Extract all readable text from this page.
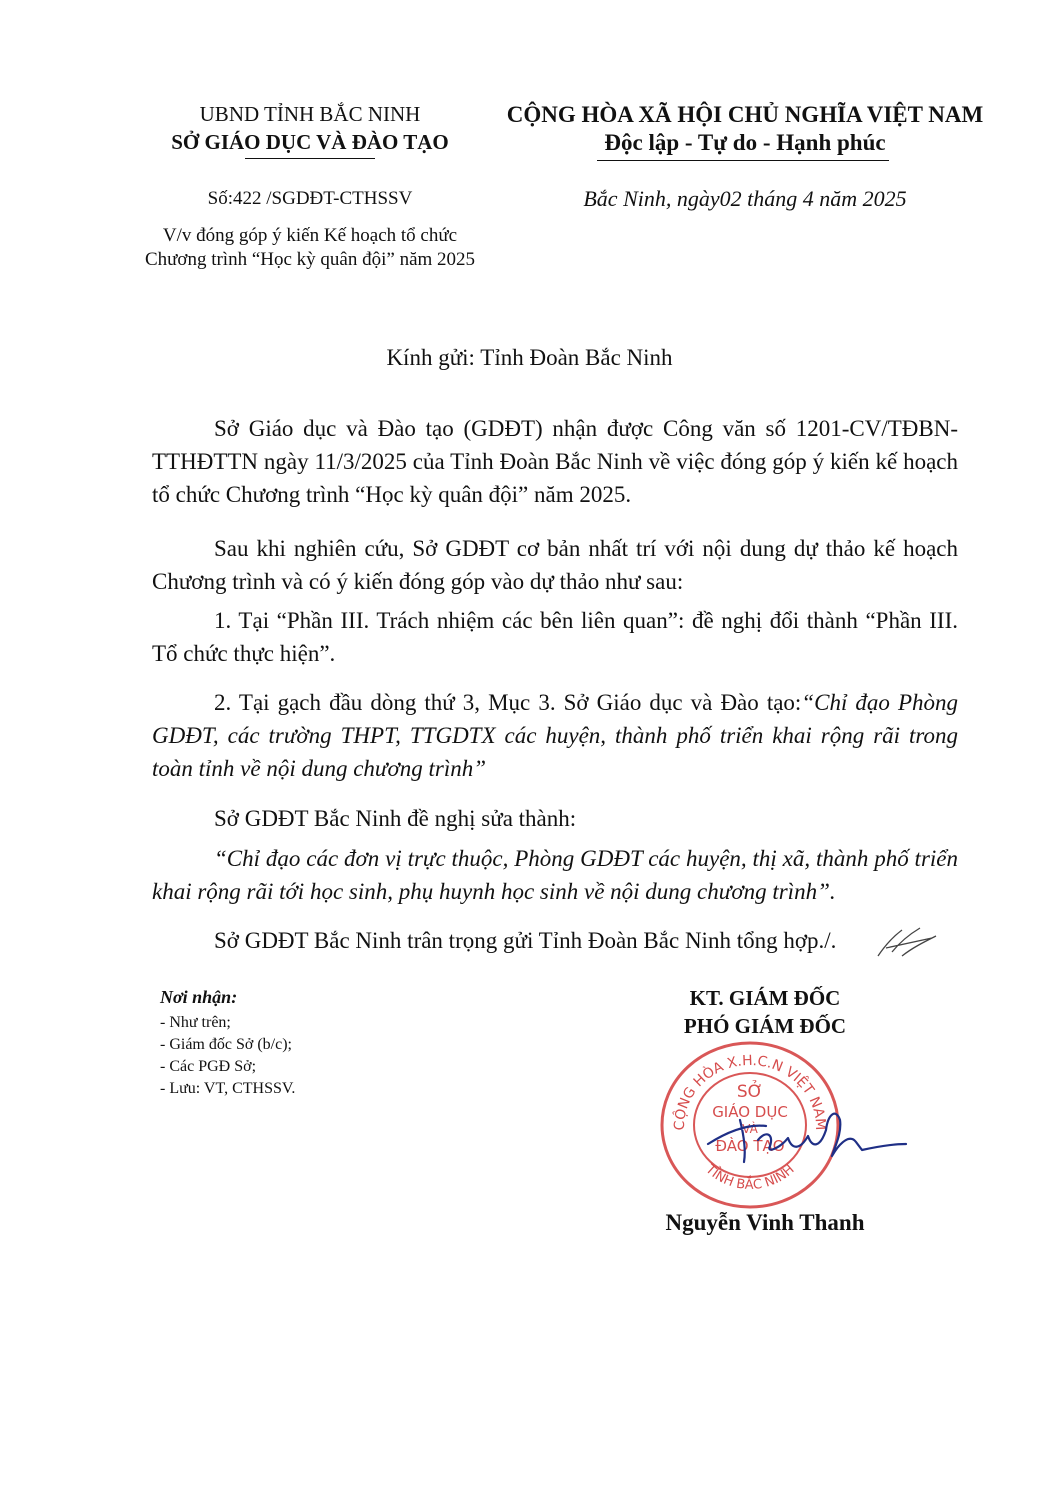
UBND TỈNH BẮC NINH
SỞ GIÁO DỤC VÀ ĐÀO TẠO
Số:422 /SGDĐT-CTHSSV
V/v đóng góp ý kiến Kế hoạch tổ chức
Chương trình “Học kỳ quân đội” năm 2025
CỘNG HÒA XÃ HỘI CHỦ NGHĨA VIỆT NAM
Độc lập - Tự do - Hạnh phúc
Bắc Ninh, ngày02 tháng 4 năm 2025
Kính gửi: Tỉnh Đoàn Bắc Ninh
Sở Giáo dục và Đào tạo (GDĐT) nhận được Công văn số 1201-CV/TĐBN-TTHĐTTN ngày 11/3/2025 của Tỉnh Đoàn Bắc Ninh về việc đóng góp ý kiến kế hoạch tổ chức Chương trình “Học kỳ quân đội” năm 2025.
Sau khi nghiên cứu, Sở GDĐT cơ bản nhất trí với nội dung dự thảo kế hoạch Chương trình và có ý kiến đóng góp vào dự thảo như sau:
1. Tại “Phần III. Trách nhiệm các bên liên quan”: đề nghị đổi thành “Phần III. Tổ chức thực hiện”.
2. Tại gạch đầu dòng thứ 3, Mục 3. Sở Giáo dục và Đào tạo:“Chỉ đạo Phòng GDĐT, các trường THPT, TTGDTX các huyện, thành phố triển khai rộng rãi trong toàn tỉnh về nội dung chương trình”
Sở GDĐT Bắc Ninh đề nghị sửa thành:
“Chỉ đạo các đơn vị trực thuộc, Phòng GDĐT các huyện, thị xã, thành phố triển khai rộng rãi tới học sinh, phụ huynh học sinh về nội dung chương trình”.
Sở GDĐT Bắc Ninh trân trọng gửi Tỉnh Đoàn Bắc Ninh tổng hợp./.
Nơi nhận:
- Như trên;
- Giám đốc Sở (b/c);
- Các PGĐ Sở;
- Lưu: VT, CTHSSV.
KT. GIÁM ĐỐC
PHÓ GIÁM ĐỐC
CỘNG HÒA X.H.C.N VIỆT NAM
TỈNH BẮC NINH
SỞ
GIÁO DỤC
VÀ
ĐÀO TẠO
Nguyễn Vinh Thanh
